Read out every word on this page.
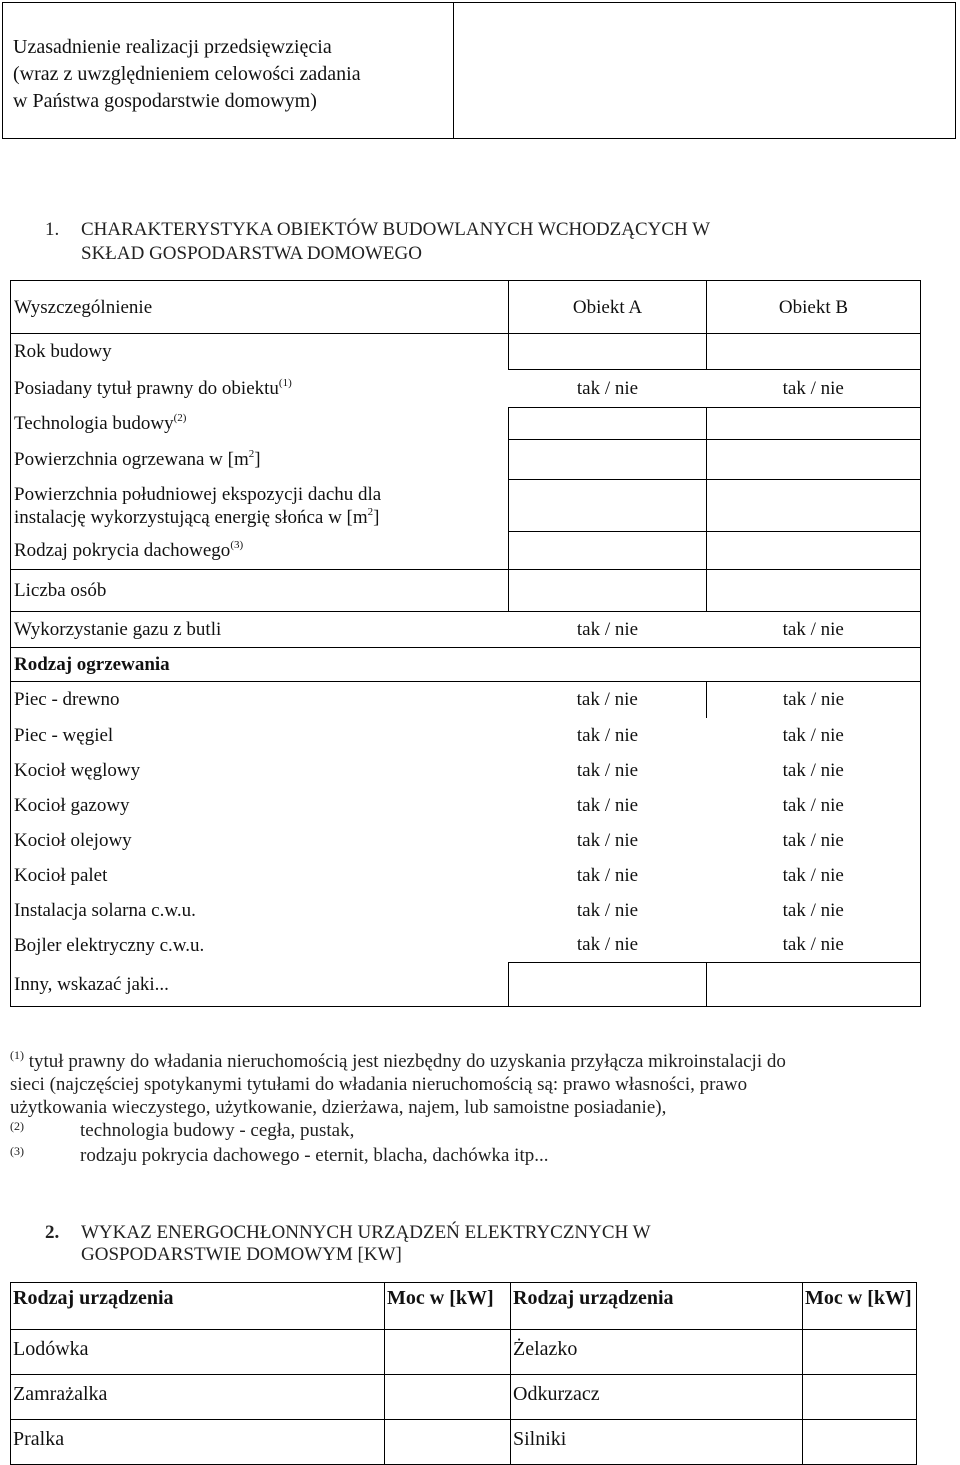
Uzasadnienie realizacji przedsięwzięcia
(wraz z uwzględnieniem celowości zadania
w Państwa gospodarstwie domowym)
1. CHARAKTERYSTYKA OBIEKTÓW BUDOWLANYCH WCHODZĄCYCH W
SKŁAD GOSPODARSTWA DOMOWEGO
Wyszczególnienie	Obiekt A	Obiekt B
Rok budowy		
Posiadany tytuł prawny do obiektu$^{(1)}$	tak / nie	tak / nie
Technologia budowy$^{(2)}$		
Powierzchnia ogrzewana w $[m^2]$		

Powierzchnia południowej ekspozycji dachu dla
instalację wykorzystującą energię słońca w $[m^2]$		

Rodzaj pokrycia dachowego$^{(3)}$		
Liczba osób		
Wykorzystanie gazu z butli	tak / nie	tak / nie
Rodzaj ogrzewania		
Piec - drewno	tak / nie	tak / nie
Piec - węgiel	tak / nie	tak / nie
Kocioł węglowy	tak / nie	tak / nie
Kocioł gazowy	tak / nie	tak / nie
Kocioł olejowy	tak / nie	tak / nie
Kocioł palet	tak / nie	tak / nie
Instalacja solarna c.w.u.	tak / nie	tak / nie
Bojler elektryczny c.w.u.	tak / nie	tak / nie
Inny, wskazać jaki...		
$^{(1)}$ tytuł prawny do władania nieruchomością jest niezbędny do uzyskania przyłącza mikroinstalacji do
sieci (najczęściej spotykanymi tytułami do władania nieruchomością są: prawo własności, prawo
użytkowania wieczystego, użytkowanie, dzierżawa, najem, lub samoistne posiadanie),
(2)	technologia budowy - cegła, pustak,
(3)	rodzaju pokrycia dachowego - eternit, blacha, dachówka itp...
2. WYKAZ ENERGOCHŁONNYCH URZĄDZEŃ ELEKTRYCZNYCH W
GOSPODARSTWIE DOMOWYM [KW]
Rodzaj urządzenia	Moc w [kW]	Rodzaj urządzenia	Moc w [kW]
Lodówka		Żelazko	
Zamrażalka		Odkurzacz	
Pralka		Silniki	
